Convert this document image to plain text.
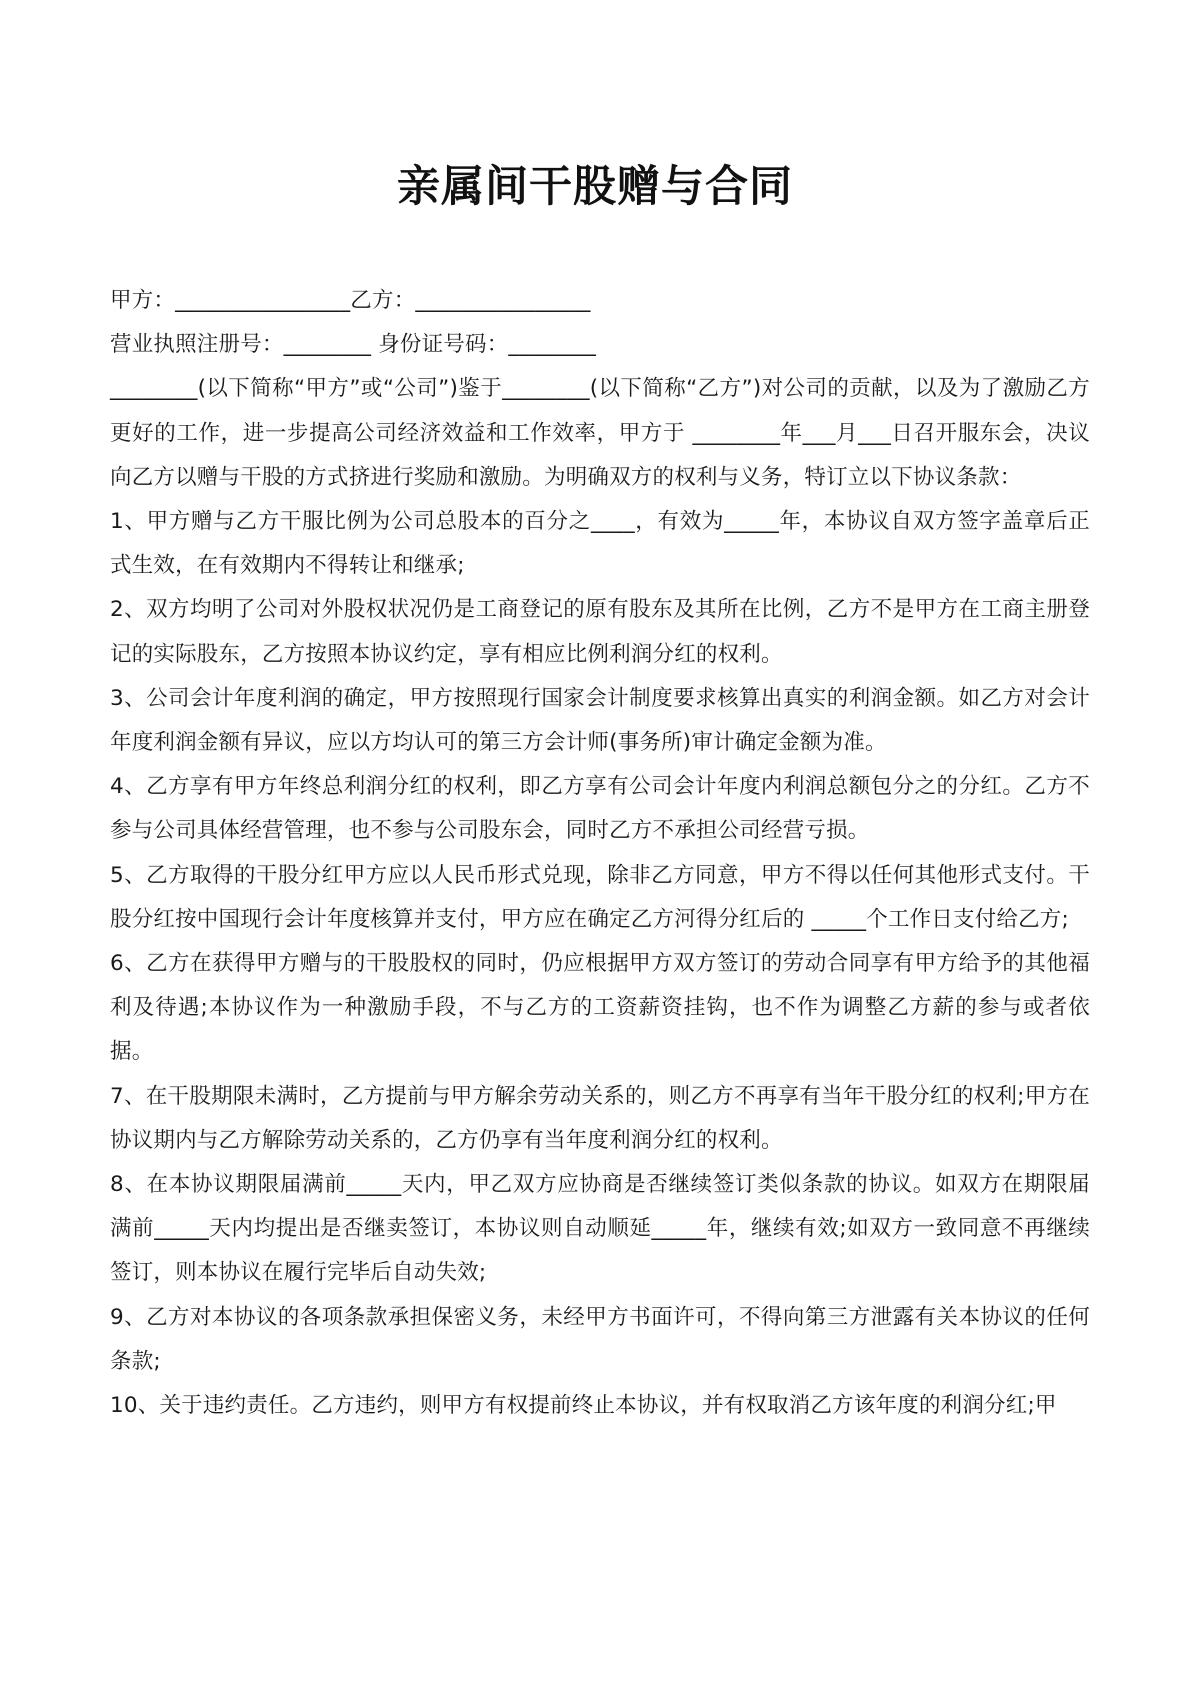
亲属间干股赠与合同

甲方：________________乙方：________________

营业执照注册号：________ 身份证号码：________

________(以下简称“甲方”或“公司”)鉴于________(以下简称“乙方”)对公司的贡献，以及为了激励乙方更好的工作，进一步提高公司经济效益和工作效率，甲方于 ________年___月___日召开服东会，决议向乙方以赠与干股的方式挤进行奖励和激励。为明确双方的权利与义务，特订立以下协议条款：

1、甲方赠与乙方干服比例为公司总股本的百分之____，有效为_____年，本协议自双方签字盖章后正式生效，在有效期内不得转让和继承;

2、双方均明了公司对外股权状况仍是工商登记的原有股东及其所在比例，乙方不是甲方在工商主册登记的实际股东，乙方按照本协议约定，享有相应比例利润分红的权利。

3、公司会计年度利润的确定，甲方按照现行国家会计制度要求核算出真实的利润金额。如乙方对会计年度利润金额有异议，应以方均认可的第三方会计师(事务所)审计确定金额为准。

4、乙方享有甲方年终总利润分红的权利，即乙方享有公司会计年度内利润总额包分之的分红。乙方不参与公司具体经营管理，也不参与公司股东会，同时乙方不承担公司经营亏损。

5、乙方取得的干股分红甲方应以人民币形式兑现，除非乙方同意，甲方不得以任何其他形式支付。干股分红按中国现行会计年度核算并支付，甲方应在确定乙方河得分红后的 _____个工作日支付给乙方;

6、乙方在获得甲方赠与的干股股权的同时，仍应根据甲方双方签订的劳动合同享有甲方给予的其他福利及待遇;本协议作为一种激励手段，不与乙方的工资薪资挂钩，也不作为调整乙方薪的参与或者依据。

7、在干股期限未满时，乙方提前与甲方解余劳动关系的，则乙方不再享有当年干股分红的权利;甲方在协议期内与乙方解除劳动关系的，乙方仍享有当年度利润分红的权利。

8、在本协议期限届满前_____天内，甲乙双方应协商是否继续签订类似条款的协议。如双方在期限届满前_____天内均提出是否继卖签订，本协议则自动顺延_____年，继续有效;如双方一致同意不再继续签订，则本协议在履行完毕后自动失效;

9、乙方对本协议的各项条款承担保密义务，未经甲方书面许可，不得向第三方泄露有关本协议的任何条款;

10、关于违约责任。乙方违约，则甲方有权提前终止本协议，并有权取消乙方该年度的利润分红;甲
